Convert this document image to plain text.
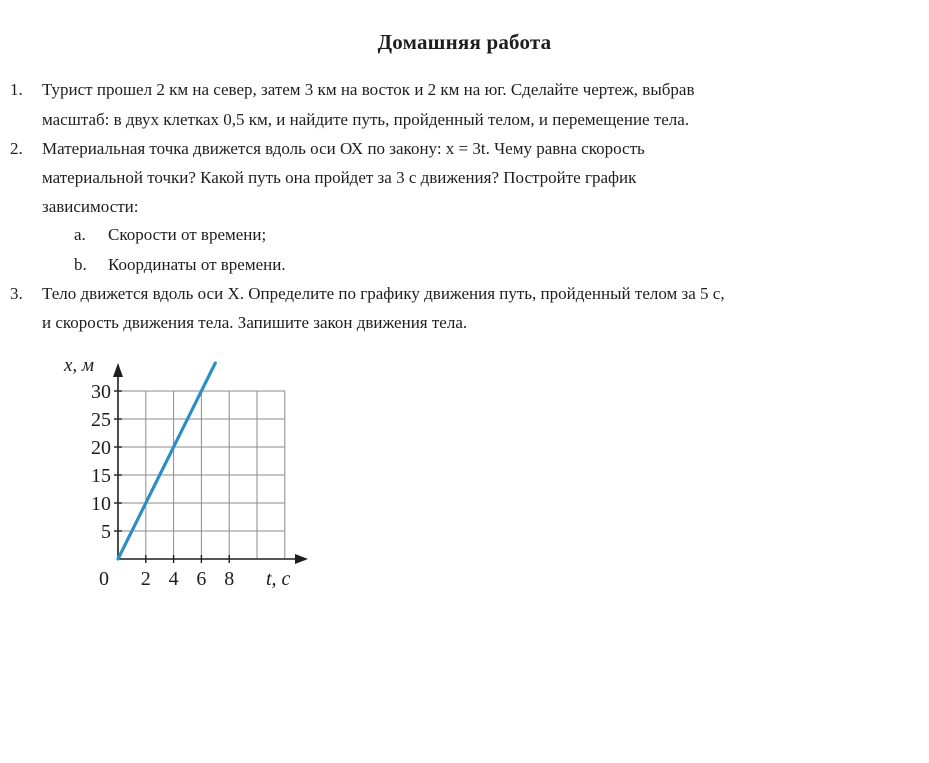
Домашняя работа
1. Турист прошел 2 км на север, затем 3 км на восток и 2 км на юг. Сделайте чертеж, выбрав
масштаб: в двух клетках 0,5 км, и найдите путь, пройденный телом, и перемещение тела.
2. Материальная точка движется вдоль оси ОХ по закону: x = 3t. Чему равна скорость
материальной точки? Какой путь она пройдет за 3 с движения? Постройте график
зависимости:
a. Скорости от времени;
b. Координаты от времени.
3. Тело движется вдоль оси Х. Определите по графику движения путь, пройденный телом за 5 с,
и скорость движения тела. Запишите закон движения тела.
5
10
15
20
25
30
2 4 6 8
x, м
t, с
0
